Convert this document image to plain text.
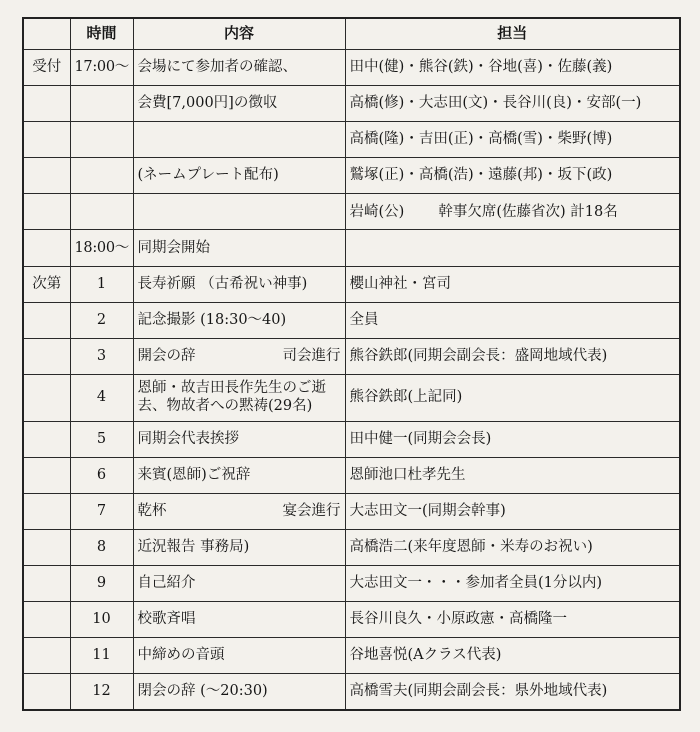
	時間	内容	担当
受付	17:00～	会場にて参加者の確認、	田中(健)・熊谷(鉄)・谷地(喜)・佐藤(義)
		会費[7,000円]の徴収	高橋(修)・大志田(文)・長谷川(良)・安部(一)
			高橋(隆)・吉田(正)・高橋(雪)・柴野(博)
		(ネームプレート配布)	鷲塚(正)・高橋(浩)・遠藤(邦)・坂下(政)
			岩崎(公) 幹事欠席(佐藤省次) 計18名
	18:00～	同期会開始	
次第	1	長寿祈願 （古希祝い神事)	櫻山神社・宮司
	2	記念撮影 (18:30～40)	全員
	3	開会の辞 司会進行	熊谷鉄郎(同期会副会長：盛岡地域代表)
	4	恩師・故吉田長作先生のご逝去、物故者への黙祷(29名)	熊谷鉄郎(上記同)
	5	同期会代表挨拶	田中健一(同期会会長)
	6	来賓(恩師)ご祝辞	恩師池口杜孝先生
	7	乾杯 宴会進行	大志田文一(同期会幹事)
	8	近況報告 事務局)	高橋浩二(来年度恩師・米寿のお祝い)
	9	自己紹介	大志田文一・・・参加者全員(1分以内)
	10	校歌斉唱	長谷川良久・小原政憲・高橋隆一
	11	中締めの音頭	谷地喜悦(Aクラス代表)
	12	閉会の辞 (～20:30)	高橋雪夫(同期会副会長：県外地域代表)
